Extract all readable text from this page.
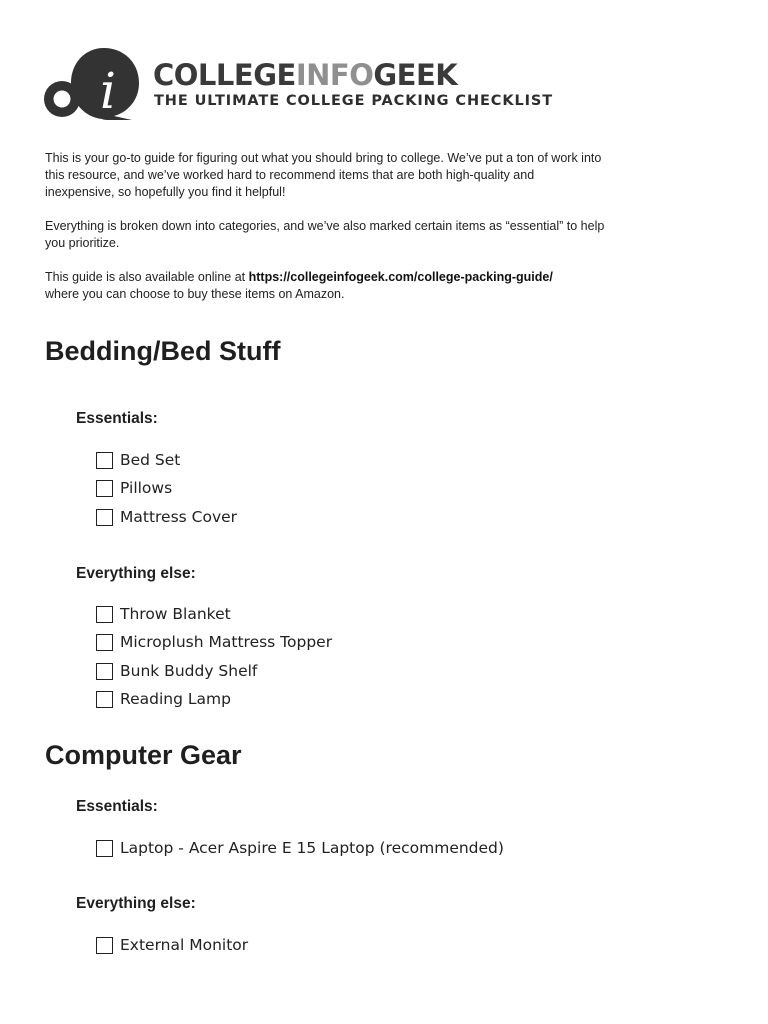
i COLLEGEINFOGEEK
THE ULTIMATE COLLEGE PACKING CHECKLIST

This is your go-to guide for figuring out what you should bring to college. We’ve put a ton of work into this resource, and we’ve worked hard to recommend items that are both high-quality and inexpensive, so hopefully you find it helpful!

Everything is broken down into categories, and we’ve also marked certain items as “essential” to help you prioritize.

This guide is also available online at https://collegeinfogeek.com/college-packing-guide/
where you can choose to buy these items on Amazon.

Bedding/Bed Stuff
Essentials:
Bed Set
Pillows
Mattress Cover
Everything else:
Throw Blanket
Microplush Mattress Topper
Bunk Buddy Shelf
Reading Lamp
Computer Gear
Essentials:
Laptop - Acer Aspire E 15 Laptop (recommended)
Everything else:
External Monitor
